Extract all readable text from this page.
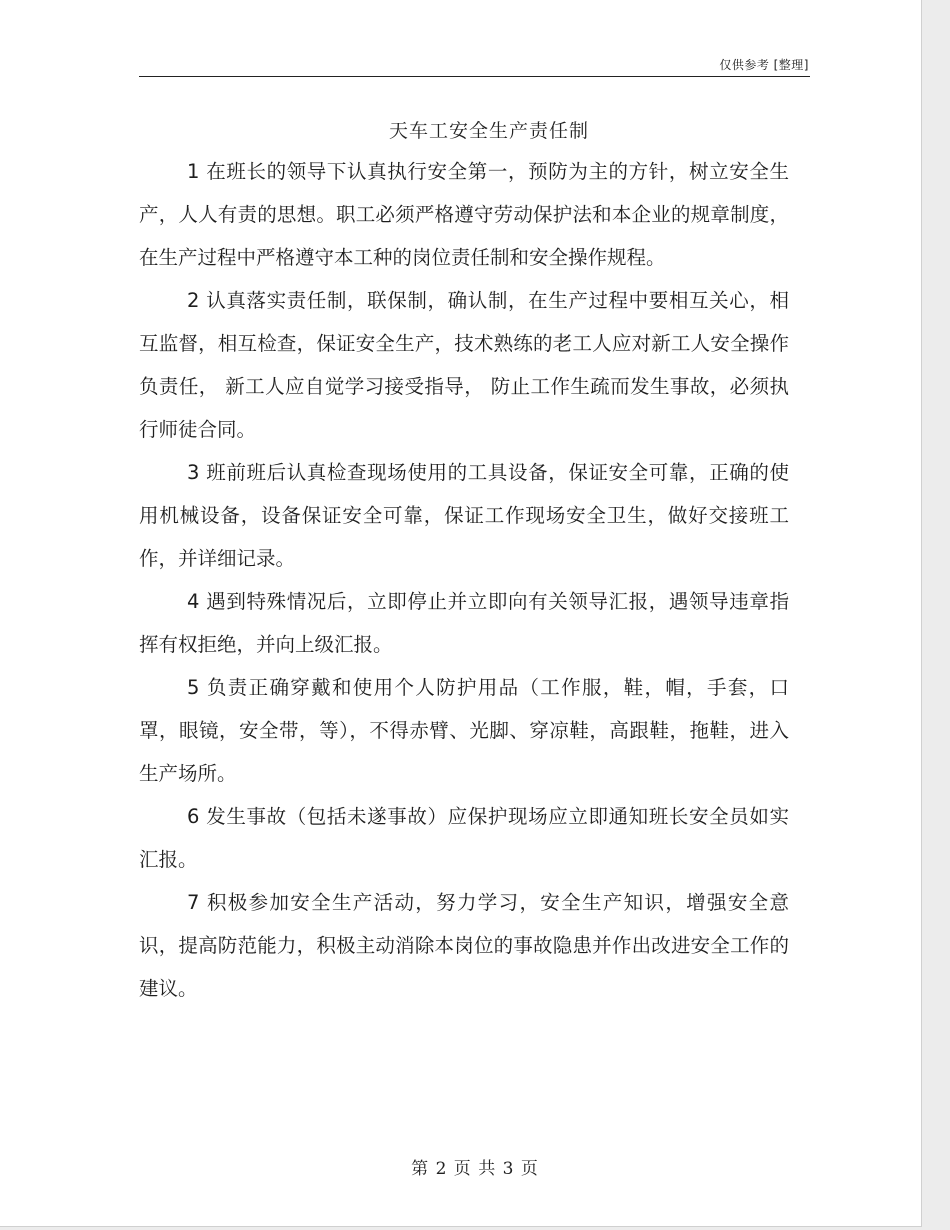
仅供参考 [整理]
天车工安全生产责任制

1 在班长的领导下认真执行安全第一，预防为主的方针，树立安全生产，人人有责的思想。职工必须严格遵守劳动保护法和本企业的规章制度，在生产过程中严格遵守本工种的岗位责任制和安全操作规程。

2 认真落实责任制，联保制，确认制，在生产过程中要相互关心，相互监督，相互检查，保证安全生产，技术熟练的老工人应对新工人安全操作负责任， 新工人应自觉学习接受指导， 防止工作生疏而发生事故，必须执行师徒合同。

3 班前班后认真检查现场使用的工具设备，保证安全可靠，正确的使用机械设备，设备保证安全可靠，保证工作现场安全卫生，做好交接班工作，并详细记录。

4 遇到特殊情况后，立即停止并立即向有关领导汇报，遇领导违章指挥有权拒绝，并向上级汇报。

5 负责正确穿戴和使用个人防护用品（工作服，鞋，帽，手套，口罩，眼镜，安全带，等），不得赤臂、光脚、穿凉鞋，高跟鞋，拖鞋，进入生产场所。

6 发生事故（包括未遂事故）应保护现场应立即通知班长安全员如实汇报。

7 积极参加安全生产活动，努力学习，安全生产知识，增强安全意识，提高防范能力，积极主动消除本岗位的事故隐患并作出改进安全工作的建议。

第 2 页 共 3 页
